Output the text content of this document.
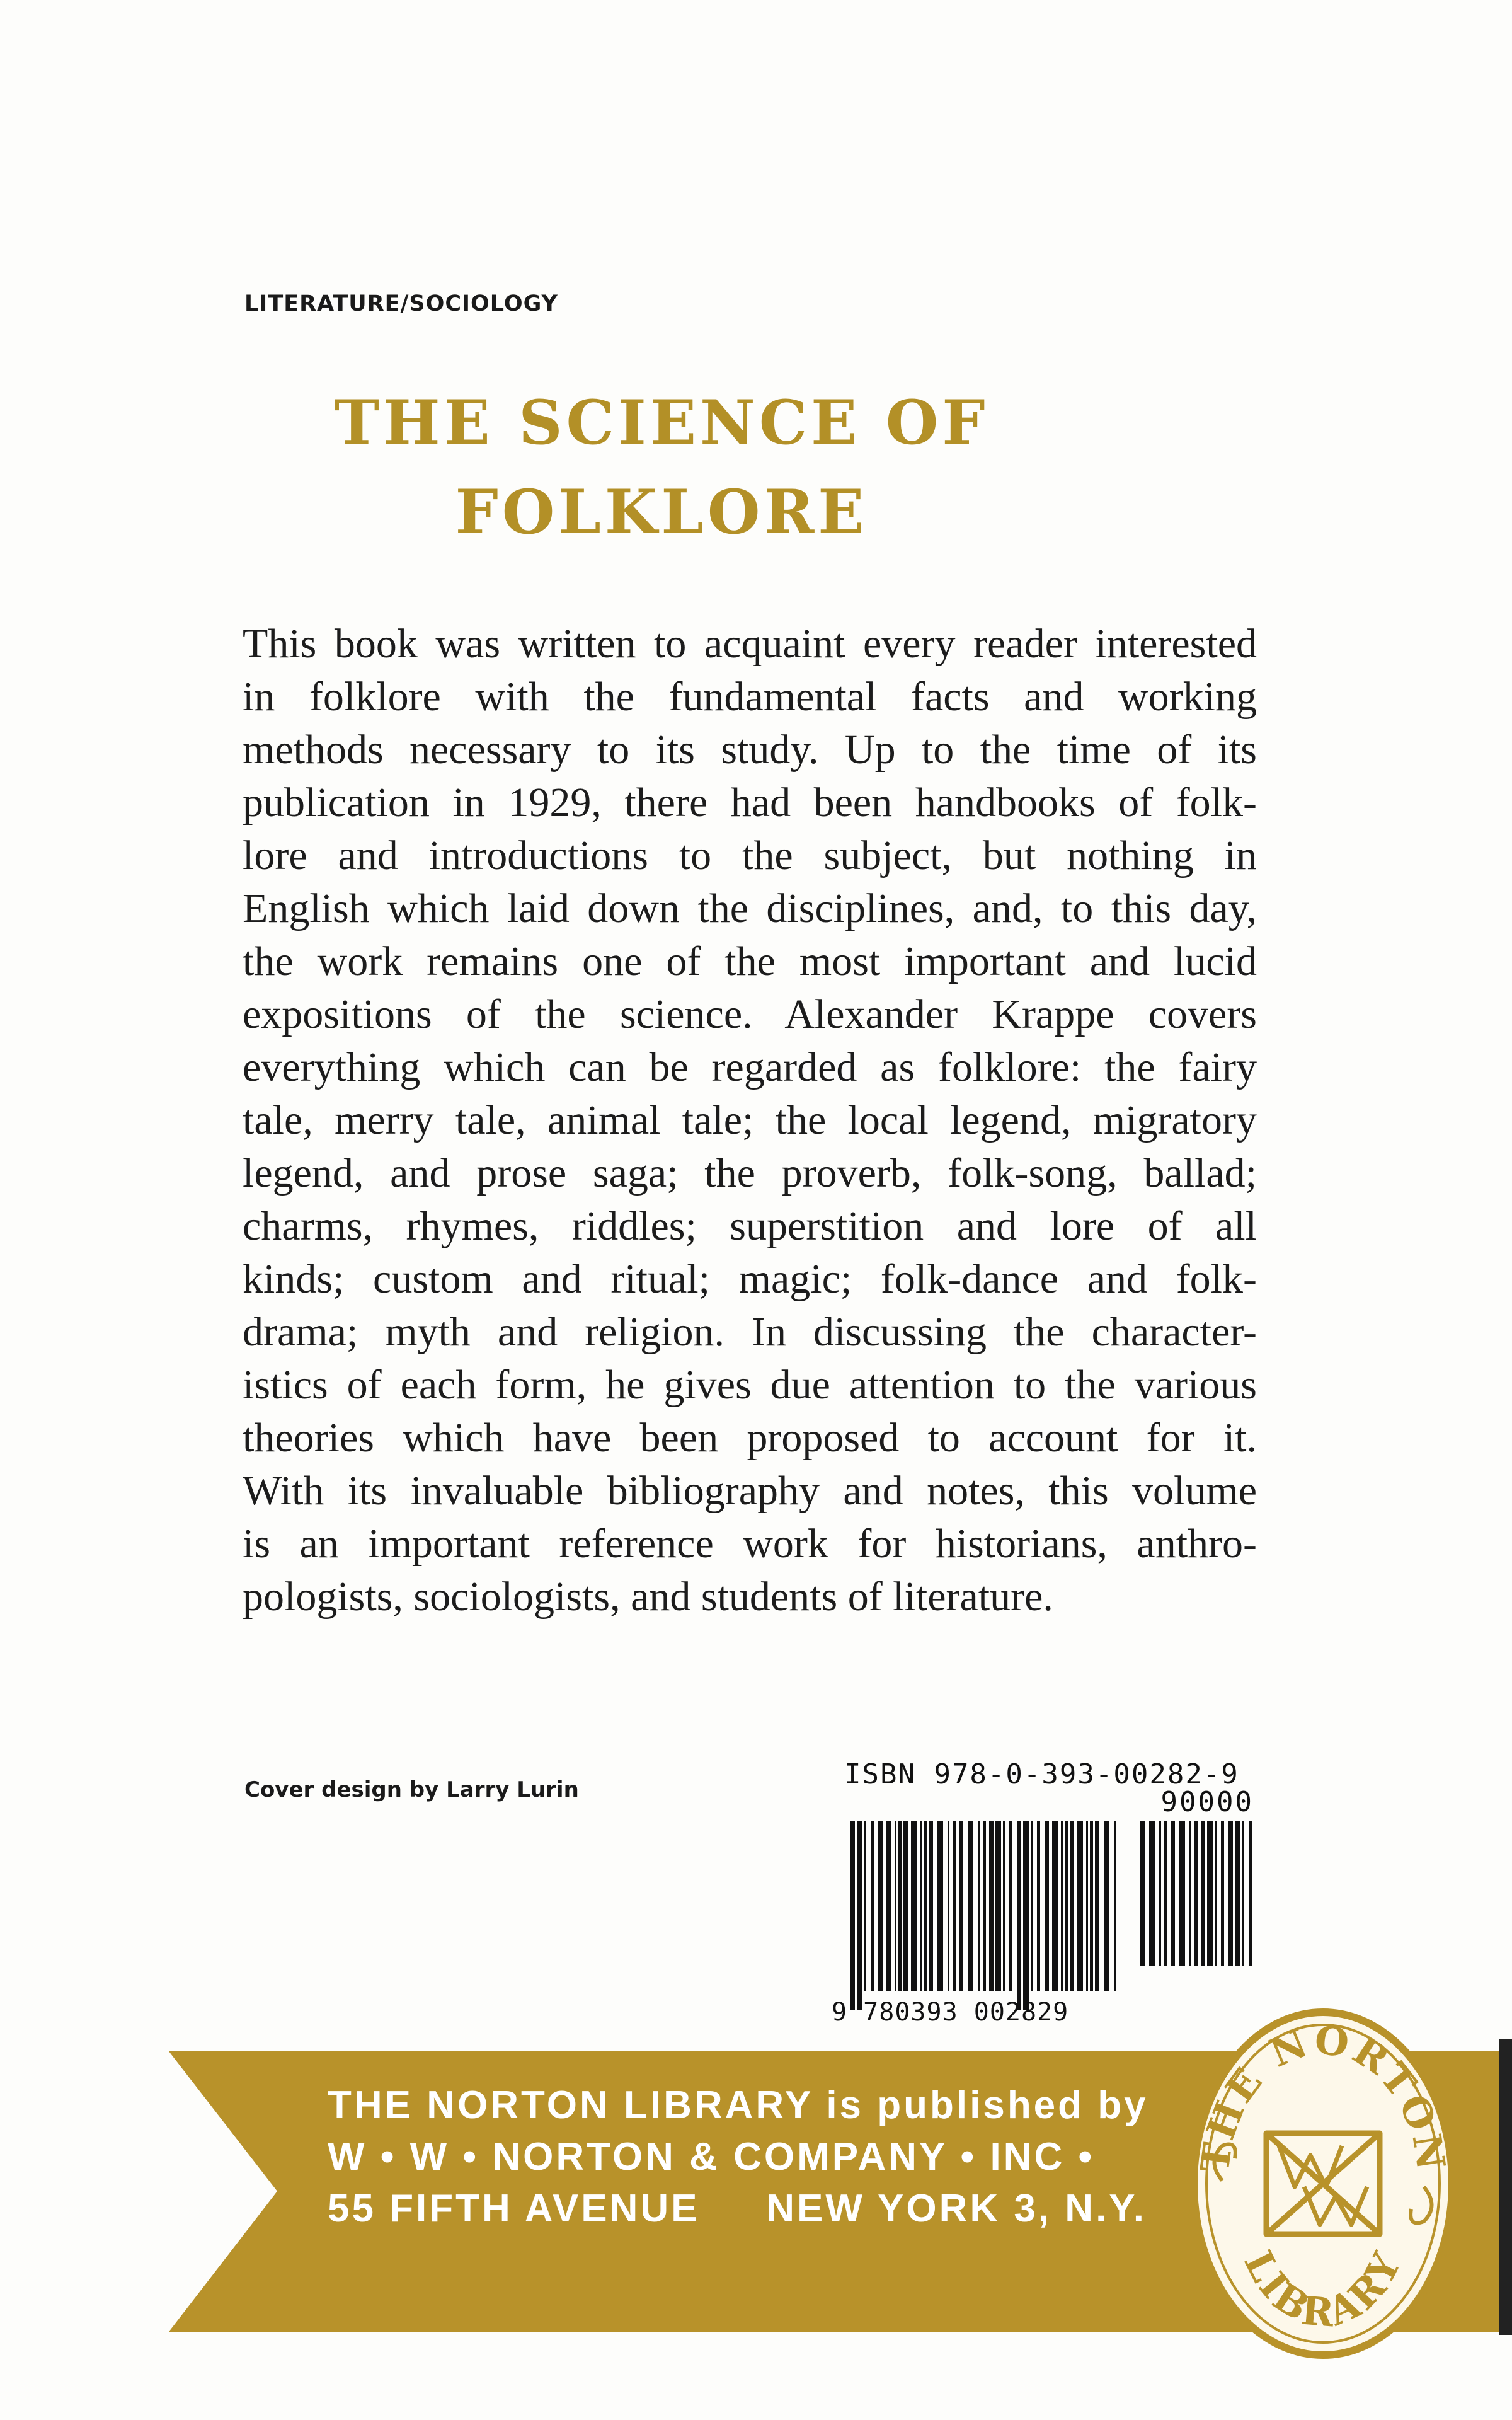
LITERATURE/SOCIOLOGY
THE SCIENCE OF
FOLKLORE
This book was written to acquaint every reader interested
in folklore with the fundamental facts and working
methods necessary to its study. Up to the time of its
publication in 1929, there had been handbooks of folk-
lore and introductions to the subject, but nothing in
English which laid down the disciplines, and, to this day,
the work remains one of the most important and lucid
expositions of the science. Alexander Krappe covers
everything which can be regarded as folklore: the fairy
tale, merry tale, animal tale; the local legend, migratory
legend, and prose saga; the proverb, folk-song, ballad;
charms, rhymes, riddles; superstition and lore of all
kinds; custom and ritual; magic; folk-dance and folk-
drama; myth and religion. In discussing the character-
istics of each form, he gives due attention to the various
theories which have been proposed to account for it.
With its invaluable bibliography and notes, this volume
is an important reference work for historians, anthro-
pologists, sociologists, and students of literature.
Cover design by Larry Lurin	ISBN 978-0-393-00282-9
90000
9 780393 002829
THE NORTON LIBRARY is published by
W • W • NORTON & COMPANY • INC •
55 FIFTH AVENUE NEW YORK 3, N.Y.
THE NORTON
LIBRARY
